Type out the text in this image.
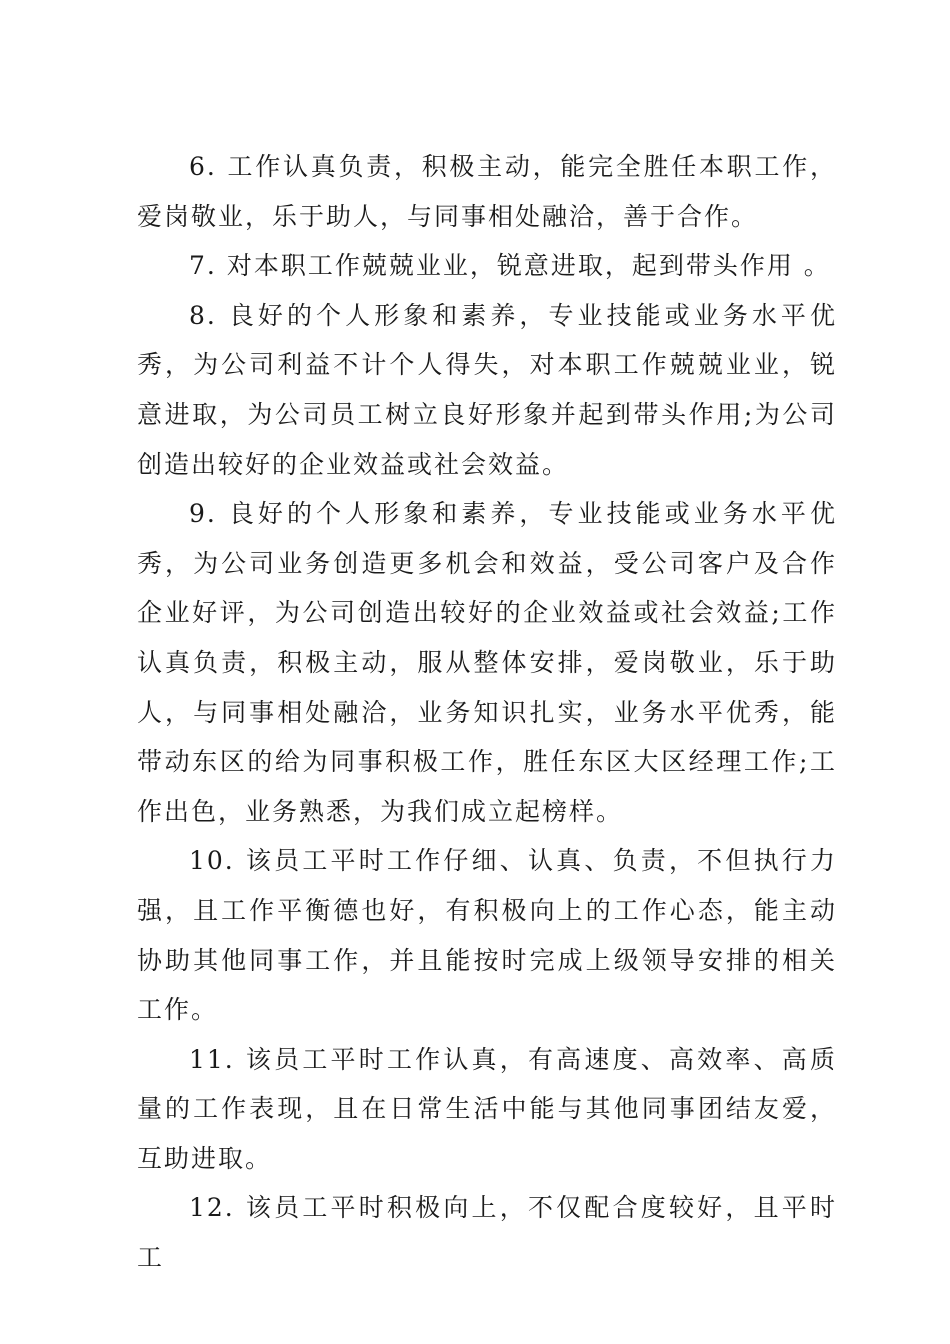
6. 工作认真负责，积极主动，能完全胜任本职工作，爱岗敬业，乐于助人，与同事相处融洽，善于合作。

7. 对本职工作兢兢业业，锐意进取，起到带头作用 。

8. 良好的个人形象和素养，专业技能或业务水平优秀，为公司利益不计个人得失，对本职工作兢兢业业，锐意进取，为公司员工树立良好形象并起到带头作用;为公司创造出较好的企业效益或社会效益。

9. 良好的个人形象和素养，专业技能或业务水平优秀，为公司业务创造更多机会和效益，受公司客户及合作企业好评，为公司创造出较好的企业效益或社会效益;工作认真负责，积极主动，服从整体安排，爱岗敬业，乐于助人，与同事相处融洽，业务知识扎实，业务水平优秀，能带动东区的给为同事积极工作，胜任东区大区经理工作;工作出色，业务熟悉，为我们成立起榜样。

10. 该员工平时工作仔细、认真、负责，不但执行力强，且工作平衡德也好，有积极向上的工作心态，能主动协助其他同事工作，并且能按时完成上级领导安排的相关工作。

11. 该员工平时工作认真，有高速度、高效率、高质量的工作表现，且在日常生活中能与其他同事团结友爱，互助进取。

12. 该员工平时积极向上，不仅配合度较好，且平时工
